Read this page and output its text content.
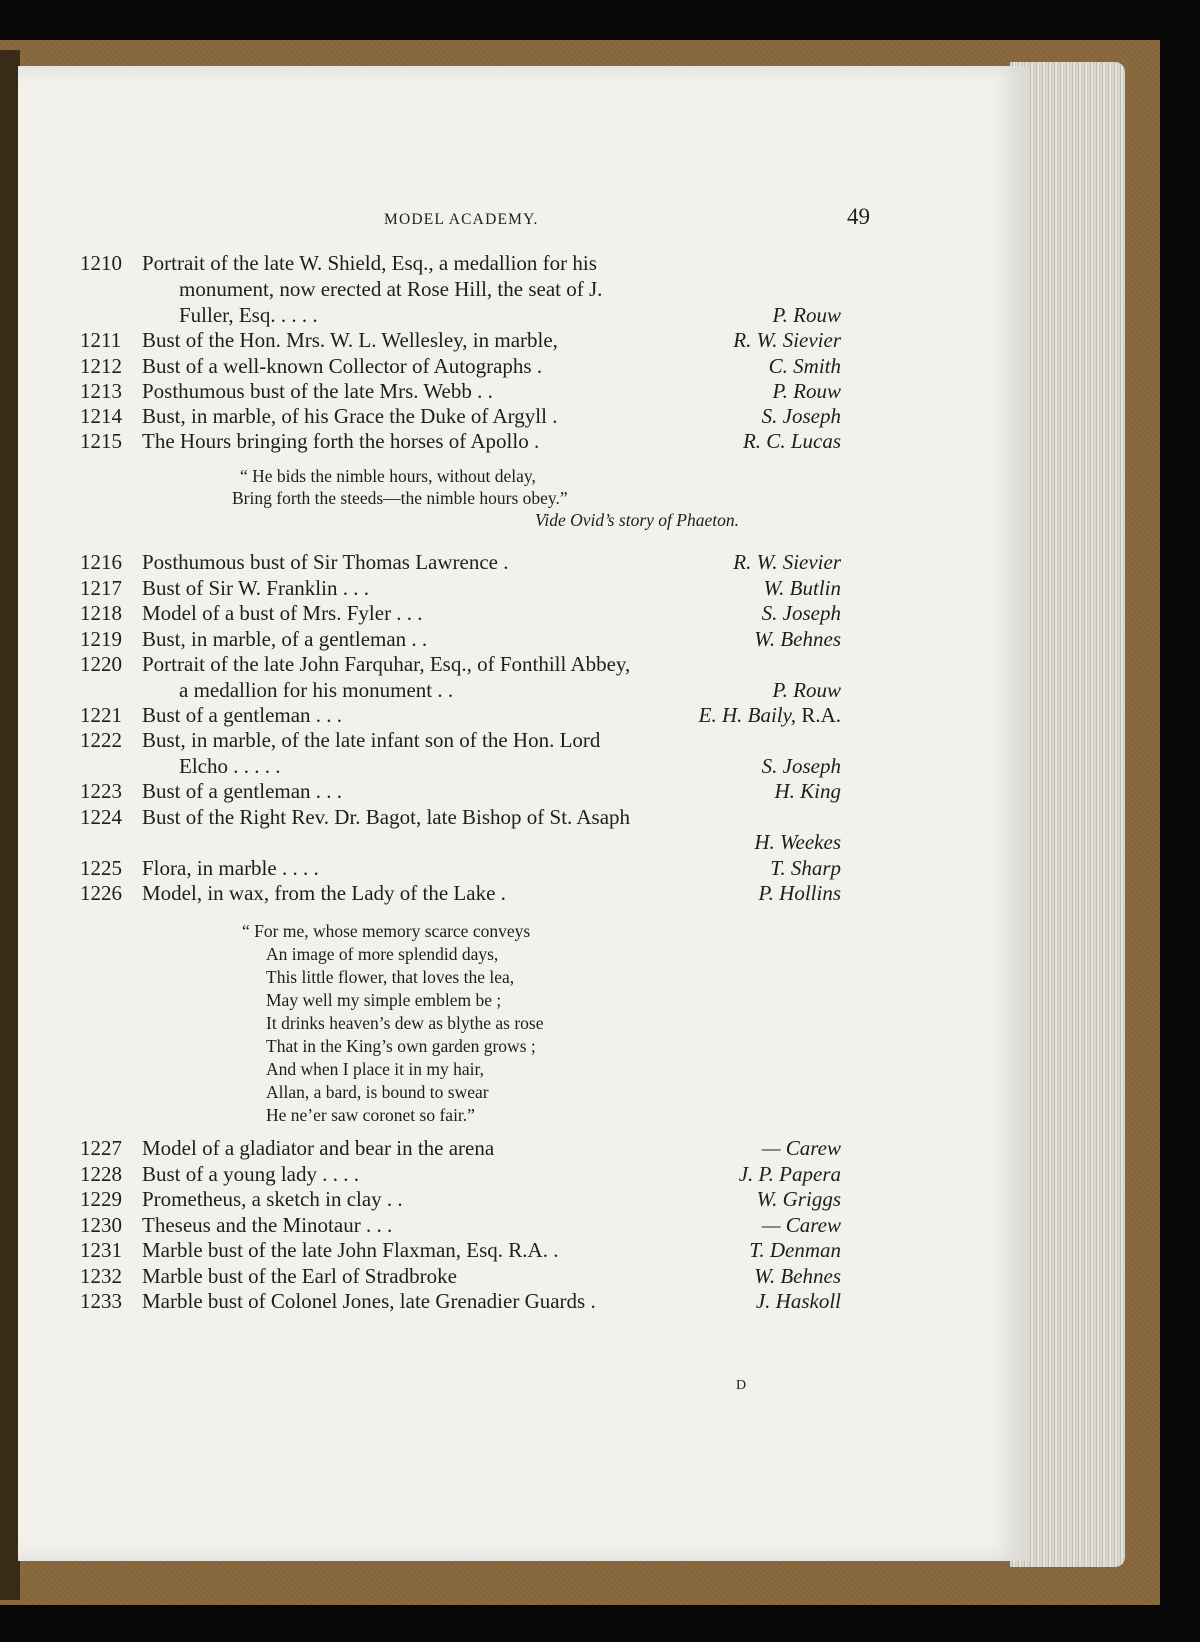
MODEL ACADEMY.	49
1210 Portrait of the late W. Shield, Esq., a medallion for his
monument, now erected at Rose Hill, the seat of J.
Fuller, Esq. . . . .	P. Rouw
1211 Bust of the Hon. Mrs. W. L. Wellesley, in marble,	R. W. Sievier
1212 Bust of a well-known Collector of Autographs .	C. Smith
1213 Posthumous bust of the late Mrs. Webb . .	P. Rouw
1214 Bust, in marble, of his Grace the Duke of Argyll .	S. Joseph
1215 The Hours bringing forth the horses of Apollo .	R. C. Lucas
“ He bids the nimble hours, without delay,
Bring forth the steeds—the nimble hours obey.”
Vide Ovid’s story of Phaeton.
1216 Posthumous bust of Sir Thomas Lawrence .	R. W. Sievier
1217 Bust of Sir W. Franklin . . .	W. Butlin
1218 Model of a bust of Mrs. Fyler . . .	S. Joseph
1219 Bust, in marble, of a gentleman . .	W. Behnes
1220 Portrait of the late John Farquhar, Esq., of Fonthill Abbey,
a medallion for his monument . .	P. Rouw
1221 Bust of a gentleman . . .	E. H. Baily, R.A.
1222 Bust, in marble, of the late infant son of the Hon. Lord
Elcho . . . . .	S. Joseph
1223 Bust of a gentleman . . .	H. King
1224 Bust of the Right Rev. Dr. Bagot, late Bishop of St. Asaph
H. Weekes
1225 Flora, in marble . . . .	T. Sharp
1226 Model, in wax, from the Lady of the Lake .	P. Hollins
“ For me, whose memory scarce conveys
An image of more splendid days,
This little flower, that loves the lea,
May well my simple emblem be ;
It drinks heaven’s dew as blythe as rose
That in the King’s own garden grows ;
And when I place it in my hair,
Allan, a bard, is bound to swear
He ne’er saw coronet so fair.”
1227 Model of a gladiator and bear in the arena	— Carew
1228 Bust of a young lady . . . .	J. P. Papera
1229 Prometheus, a sketch in clay . .	W. Griggs
1230 Theseus and the Minotaur . . .	— Carew
1231 Marble bust of the late John Flaxman, Esq. R.A. .	T. Denman
1232 Marble bust of the Earl of Stradbroke	W. Behnes
1233 Marble bust of Colonel Jones, late Grenadier Guards .	J. Haskoll
D
